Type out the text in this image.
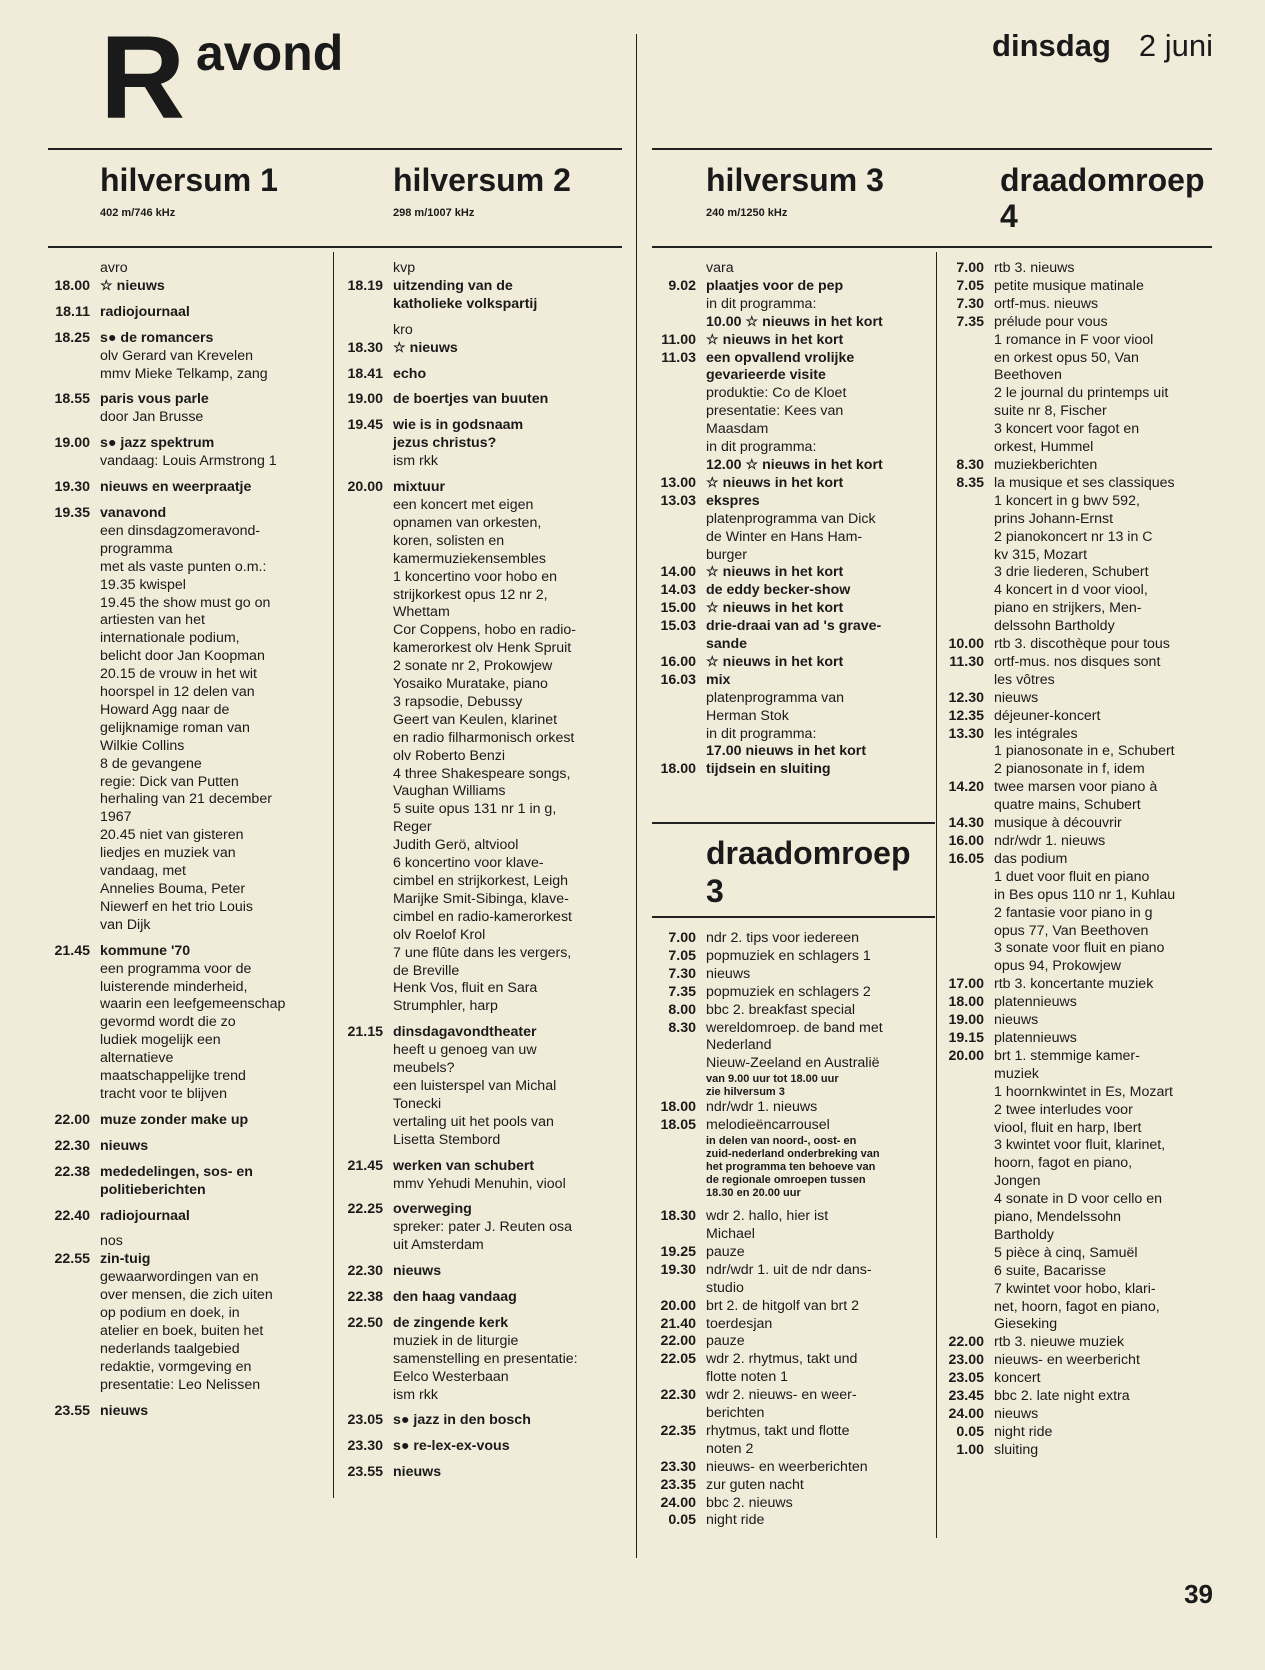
R avond	dinsdag 2 juni
hilversum 1
402 m/746 kHz
hilversum 2
298 m/1007 kHz
hilversum 3
240 m/1250 kHz
draadomroep 4
draadomroep 3
avro
18.00 ☆ nieuws
18.11 radiojournaal
18.25 s● de romancers
olv Gerard van Krevelen
mmv Mieke Telkamp, zang
18.55 paris vous parle
door Jan Brusse
19.00 s● jazz spektrum
vandaag: Louis Armstrong 1
19.30 nieuws en weerpraatje
19.35 vanavond
een dinsdagzomeravond-
programma
met als vaste punten o.m.:
19.35 kwispel
19.45 the show must go on
artiesten van het
internationale podium,
belicht door Jan Koopman
20.15 de vrouw in het wit
hoorspel in 12 delen van
Howard Agg naar de
gelijknamige roman van
Wilkie Collins
8 de gevangene
regie: Dick van Putten
herhaling van 21 december
1967
20.45 niet van gisteren
liedjes en muziek van
vandaag, met
Annelies Bouma, Peter
Niewerf en het trio Louis
van Dijk
21.45 kommune '70
een programma voor de
luisterende minderheid,
waarin een leefgemeenschap
gevormd wordt die zo
ludiek mogelijk een
alternatieve
maatschappelijke trend
tracht voor te blijven
22.00 muze zonder make up
22.30 nieuws
22.38 mededelingen, sos- en
politieberichten
22.40 radiojournaal
nos
22.55 zin-tuig
gewaarwordingen van en
over mensen, die zich uiten
op podium en doek, in
atelier en boek, buiten het
nederlands taalgebied
redaktie, vormgeving en
presentatie: Leo Nelissen
23.55 nieuws
kvp
18.19 uitzending van de
katholieke volkspartij
kro
18.30 ☆ nieuws
18.41 echo
19.00 de boertjes van buuten
19.45 wie is in godsnaam
jezus christus?
ism rkk
20.00 mixtuur
een koncert met eigen
opnamen van orkesten,
koren, solisten en
kamermuziekensembles
1 koncertino voor hobo en
strijkorkest opus 12 nr 2,
Whettam
Cor Coppens, hobo en radio-
kamerorkest olv Henk Spruit
2 sonate nr 2, Prokowjew
Yosaiko Muratake, piano
3 rapsodie, Debussy
Geert van Keulen, klarinet
en radio filharmonisch orkest
olv Roberto Benzi
4 three Shakespeare songs,
Vaughan Williams
5 suite opus 131 nr 1 in g,
Reger
Judith Gerö, altviool
6 koncertino voor klave-
cimbel en strijkorkest, Leigh
Marijke Smit-Sibinga, klave-
cimbel en radio-kamerorkest
olv Roelof Krol
7 une flûte dans les vergers,
de Breville
Henk Vos, fluit en Sara
Strumphler, harp
21.15 dinsdagavondtheater
heeft u genoeg van uw
meubels?
een luisterspel van Michal
Tonecki
vertaling uit het pools van
Lisetta Stembord
21.45 werken van schubert
mmv Yehudi Menuhin, viool
22.25 overweging
spreker: pater J. Reuten osa
uit Amsterdam
22.30 nieuws
22.38 den haag vandaag
22.50 de zingende kerk
muziek in de liturgie
samenstelling en presentatie:
Eelco Westerbaan
ism rkk
23.05 s● jazz in den bosch
23.30 s● re-lex-ex-vous
23.55 nieuws
vara
9.02 plaatjes voor de pep
in dit programma:
10.00 ☆ nieuws in het kort
11.00 ☆ nieuws in het kort
11.03 een opvallend vrolijke
gevarieerde visite
produktie: Co de Kloet
presentatie: Kees van
Maasdam
in dit programma:
12.00 ☆ nieuws in het kort
13.00 ☆ nieuws in het kort
13.03 ekspres
platenprogramma van Dick
de Winter en Hans Ham-
burger
14.00 ☆ nieuws in het kort
14.03 de eddy becker-show
15.00 ☆ nieuws in het kort
15.03 drie-draai van ad 's grave-
sande
16.00 ☆ nieuws in het kort
16.03 mix
platenprogramma van
Herman Stok
in dit programma:
17.00 nieuws in het kort
18.00 tijdsein en sluiting
7.00 ndr 2. tips voor iedereen
7.05 popmuziek en schlagers 1
7.30 nieuws
7.35 popmuziek en schlagers 2
8.00 bbc 2. breakfast special
8.30 wereldomroep. de band met
Nederland
Nieuw-Zeeland en Australië
van 9.00 uur tot 18.00 uur
zie hilversum 3
18.00 ndr/wdr 1. nieuws
18.05 melodieëncarrousel
in delen van noord-, oost- en
zuid-nederland onderbreking van
het programma ten behoeve van
de regionale omroepen tussen
18.30 en 20.00 uur
18.30 wdr 2. hallo, hier ist
Michael
19.25 pauze
19.30 ndr/wdr 1. uit de ndr dans-
studio
20.00 brt 2. de hitgolf van brt 2
21.40 toerdesjan
22.00 pauze
22.05 wdr 2. rhytmus, takt und
flotte noten 1
22.30 wdr 2. nieuws- en weer-
berichten
22.35 rhytmus, takt und flotte
noten 2
23.30 nieuws- en weerberichten
23.35 zur guten nacht
24.00 bbc 2. nieuws
0.05 night ride
7.00 rtb 3. nieuws
7.05 petite musique matinale
7.30 ortf-mus. nieuws
7.35 prélude pour vous
1 romance in F voor viool
en orkest opus 50, Van
Beethoven
2 le journal du printemps uit
suite nr 8, Fischer
3 koncert voor fagot en
orkest, Hummel
8.30 muziekberichten
8.35 la musique et ses classiques
1 koncert in g bwv 592,
prins Johann-Ernst
2 pianokoncert nr 13 in C
kv 315, Mozart
3 drie liederen, Schubert
4 koncert in d voor viool,
piano en strijkers, Men-
delssohn Bartholdy
10.00 rtb 3. discothèque pour tous
11.30 ortf-mus. nos disques sont
les vôtres
12.30 nieuws
12.35 déjeuner-koncert
13.30 les intégrales
1 pianosonate in e, Schubert
2 pianosonate in f, idem
14.20 twee marsen voor piano à
quatre mains, Schubert
14.30 musique à découvrir
16.00 ndr/wdr 1. nieuws
16.05 das podium
1 duet voor fluit en piano
in Bes opus 110 nr 1, Kuhlau
2 fantasie voor piano in g
opus 77, Van Beethoven
3 sonate voor fluit en piano
opus 94, Prokowjew
17.00 rtb 3. koncertante muziek
18.00 platennieuws
19.00 nieuws
19.15 platennieuws
20.00 brt 1. stemmige kamer-
muziek
1 hoornkwintet in Es, Mozart
2 twee interludes voor
viool, fluit en harp, Ibert
3 kwintet voor fluit, klarinet,
hoorn, fagot en piano,
Jongen
4 sonate in D voor cello en
piano, Mendelssohn
Bartholdy
5 pièce à cinq, Samuël
6 suite, Bacarisse
7 kwintet voor hobo, klari-
net, hoorn, fagot en piano,
Gieseking
22.00 rtb 3. nieuwe muziek
23.00 nieuws- en weerbericht
23.05 koncert
23.45 bbc 2. late night extra
24.00 nieuws
0.05 night ride
1.00 sluiting
39
